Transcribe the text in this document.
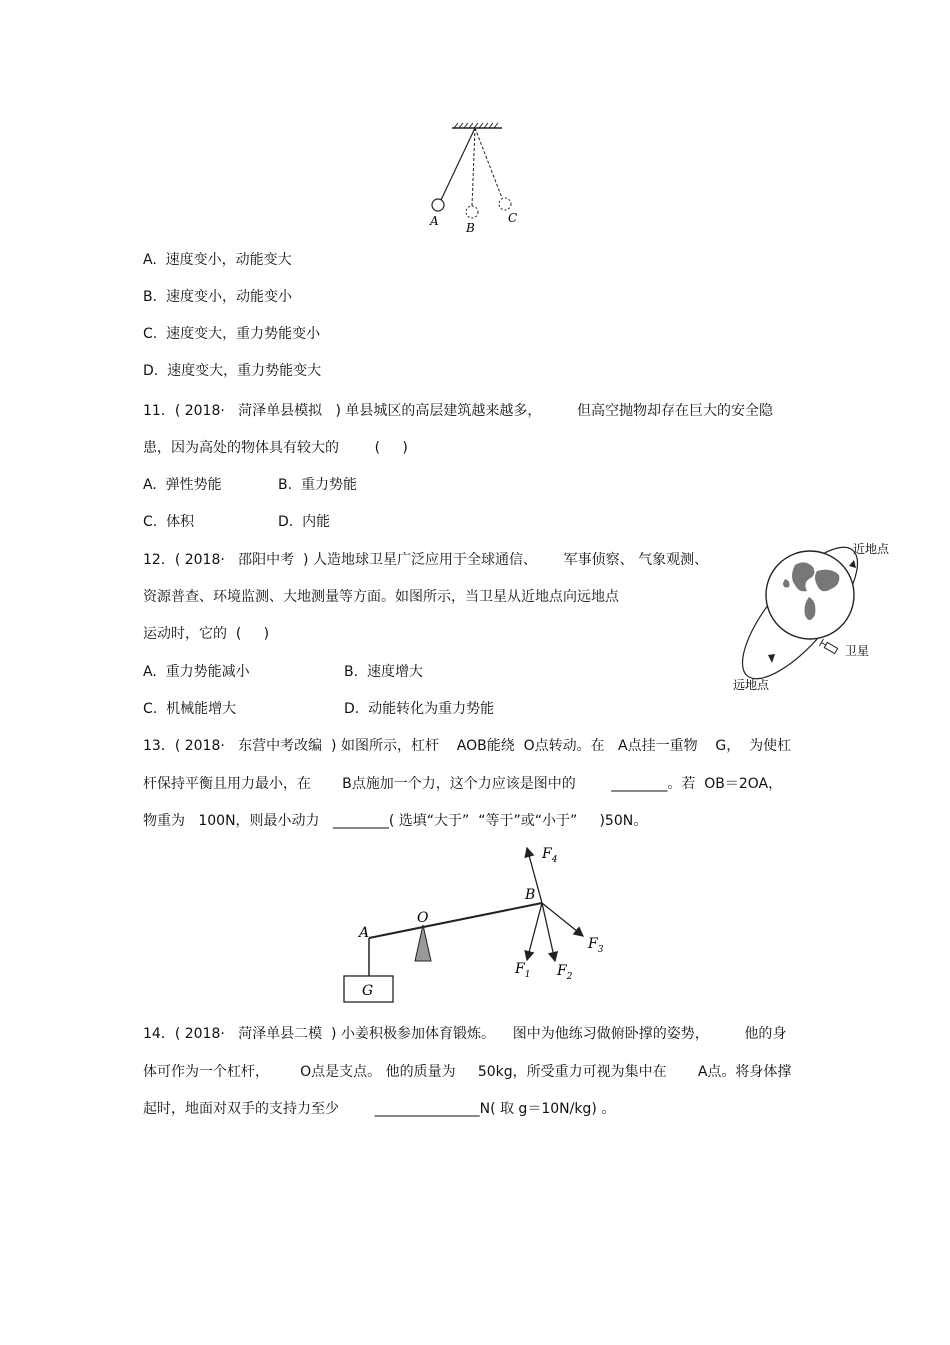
A B
C
A.  速度变小，动能变大
B.  速度变小，动能变小
C.  速度变大，重力势能变小
D.  速度变大，重力势能变大
11．( 2018·   菏泽单县模拟   ) 单县城区的高层建筑越来越多，        但高空抛物却存在巨大的安全隐
患，因为高处的物体具有较大的        (     )
A.  弹性势能	B.  重力势能
C.  体积	D.  内能
12．( 2018·   邵阳中考  ) 人造地球卫星广泛应用于全球通信、      军事侦察、 气象观测、
资源普查、环境监测、大地测量等方面。如图所示，当卫星从近地点向远地点
运动时，它的  (     )
A.  重力势能减小	B.  速度增大
C.  机械能增大	D.  动能转化为重力势能
近地点
卫星
远地点
13．( 2018·   东营中考改编  ) 如图所示，杠杆    AOB能绕  O点转动。在   A点挂一重物    G，  为使杠
杆保持平衡且用力最小，在       B点施加一个力，这个力应该是图中的        ________。若  OB＝2OA，
物重为   100N，则最小动力   ________( 选填“大于”  “等于”或“小于”     )50N。
A
O
B
G
$F_4$
$F_1$ $F_2$
$F_3$
14．( 2018·   菏泽单县二模  ) 小姜积极参加体育锻炼。    图中为他练习做俯卧撑的姿势，        他的身
体可作为一个杠杆，       O点是支点。 他的质量为     50kg，所受重力可视为集中在       A点。将身体撑
起时，地面对双手的支持力至少        _______________N( 取 g＝10N/kg) 。
